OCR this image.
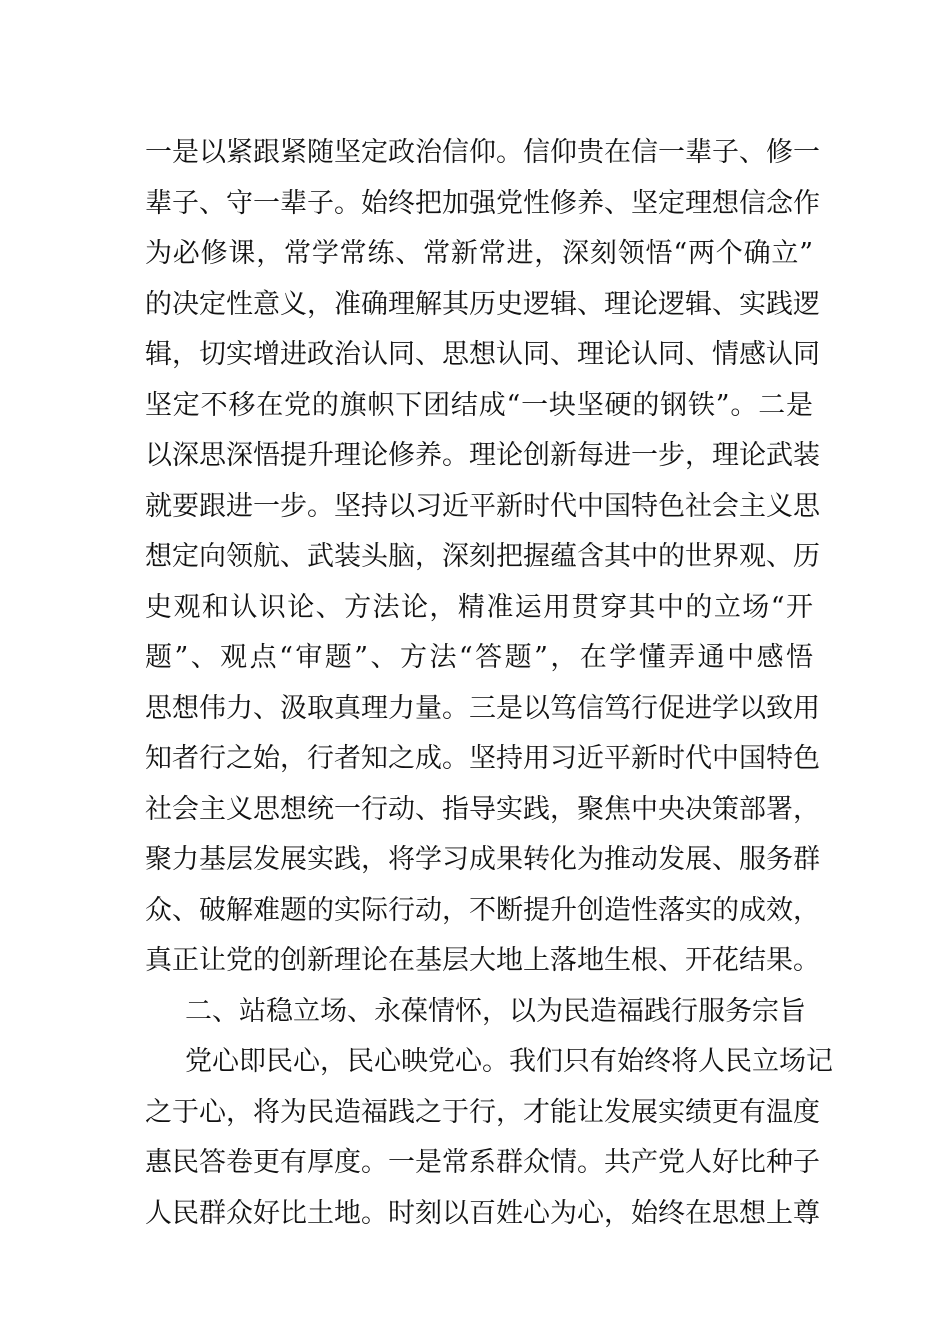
一是以紧跟紧随坚定政治信仰。信仰贵在信一辈子、修一
辈子、守一辈子。始终把加强党性修养、坚定理想信念作
为必修课，常学常练、常新常进，深刻领悟“两个确立”
的决定性意义，准确理解其历史逻辑、理论逻辑、实践逻
辑，切实增进政治认同、思想认同、理论认同、情感认同
坚定不移在党的旗帜下团结成“一块坚硬的钢铁”。二是
以深思深悟提升理论修养。理论创新每进一步，理论武装
就要跟进一步。坚持以习近平新时代中国特色社会主义思
想定向领航、武装头脑，深刻把握蕴含其中的世界观、历
史观和认识论、方法论，精准运用贯穿其中的立场“开
题”、观点“审题”、方法“答题”，在学懂弄通中感悟
思想伟力、汲取真理力量。三是以笃信笃行促进学以致用
知者行之始，行者知之成。坚持用习近平新时代中国特色
社会主义思想统一行动、指导实践，聚焦中央决策部署，
聚力基层发展实践，将学习成果转化为推动发展、服务群
众、破解难题的实际行动，不断提升创造性落实的成效，
真正让党的创新理论在基层大地上落地生根、开花结果。
二、站稳立场、永葆情怀，以为民造福践行服务宗旨
党心即民心，民心映党心。我们只有始终将人民立场记
之于心，将为民造福践之于行，才能让发展实绩更有温度
惠民答卷更有厚度。一是常系群众情。共产党人好比种子
人民群众好比土地。时刻以百姓心为心，始终在思想上尊
